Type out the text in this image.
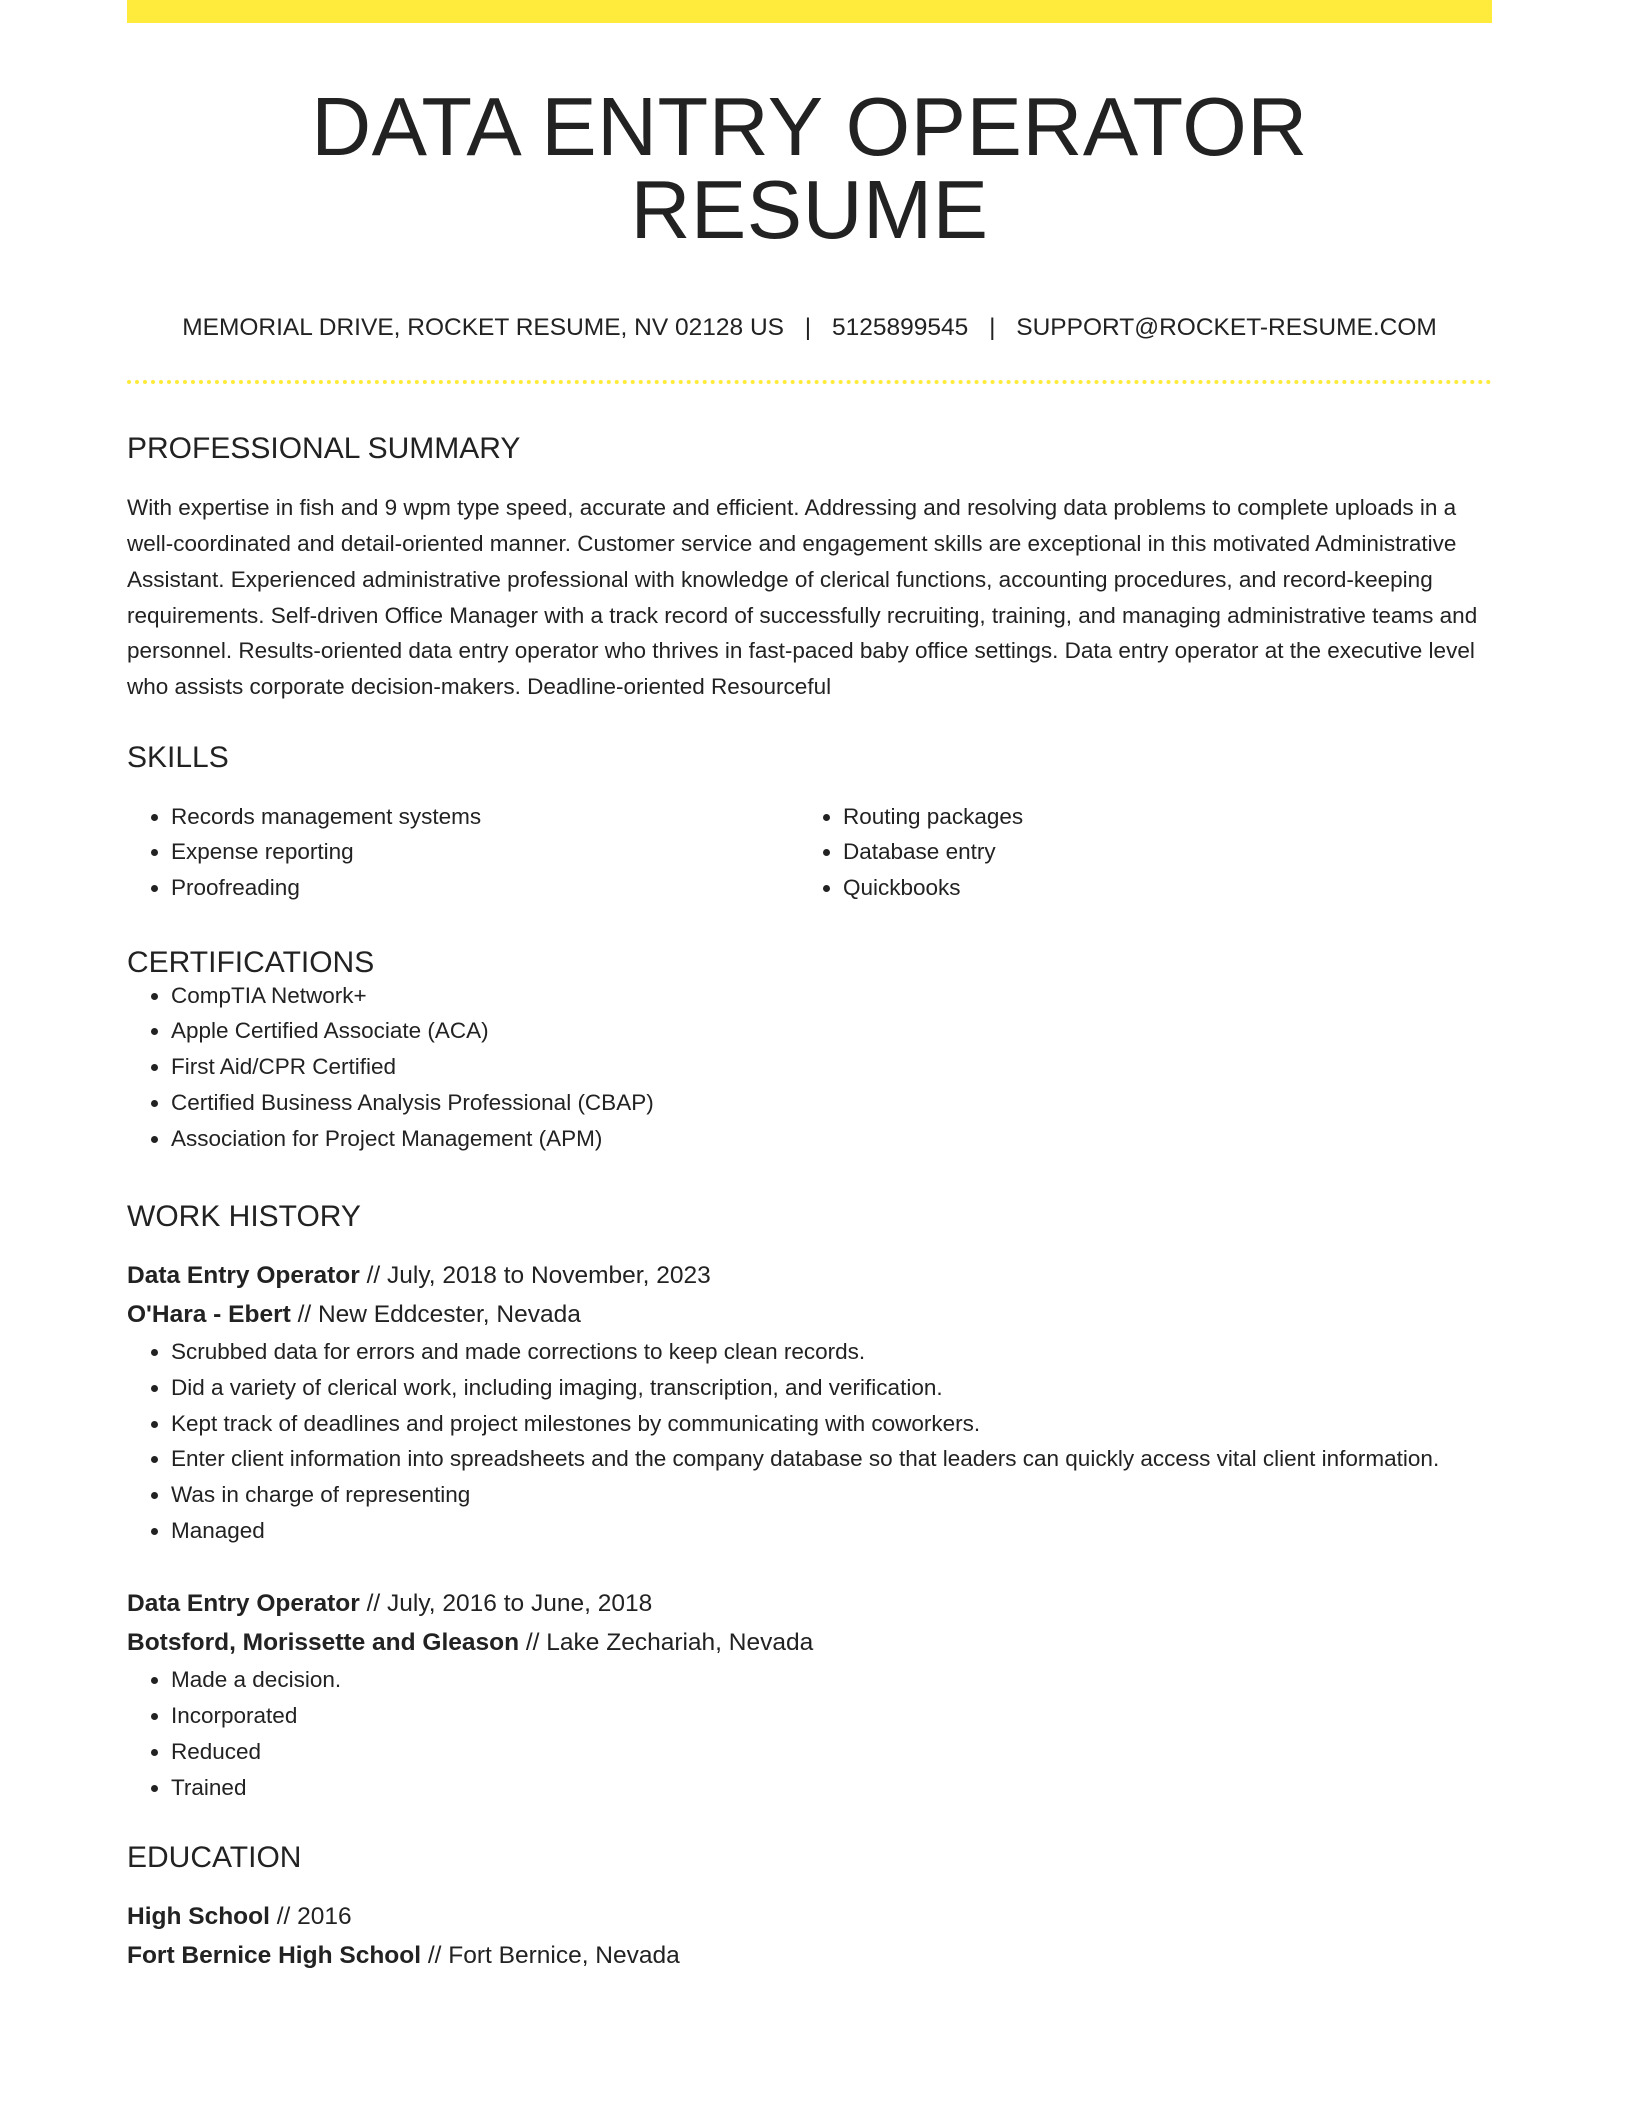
DATA ENTRY OPERATOR RESUME
MEMORIAL DRIVE, ROCKET RESUME, NV 02128 US | 5125899545 | SUPPORT@ROCKET-RESUME.COM
PROFESSIONAL SUMMARY

With expertise in fish and 9 wpm type speed, accurate and efficient. Addressing and resolving data problems to complete uploads in a well-coordinated and detail-oriented manner. Customer service and engagement skills are exceptional in this motivated Administrative Assistant. Experienced administrative professional with knowledge of clerical functions, accounting procedures, and record-keeping requirements. Self-driven Office Manager with a track record of successfully recruiting, training, and managing administrative teams and personnel. Results-oriented data entry operator who thrives in fast-paced baby office settings. Data entry operator at the executive level who assists corporate decision-makers. Deadline-oriented Resourceful

SKILLS
• Records management systems
• Expense reporting
• Proofreading
• Routing packages
• Database entry
• Quickbooks
CERTIFICATIONS
• CompTIA Network+
• Apple Certified Associate (ACA)
• First Aid/CPR Certified
• Certified Business Analysis Professional (CBAP)
• Association for Project Management (APM)
WORK HISTORY
Data Entry Operator // July, 2018 to November, 2023
O'Hara - Ebert // New Eddcester, Nevada
• Scrubbed data for errors and made corrections to keep clean records.
• Did a variety of clerical work, including imaging, transcription, and verification.
• Kept track of deadlines and project milestones by communicating with coworkers.
• Enter client information into spreadsheets and the company database so that leaders can quickly access vital client information.
• Was in charge of representing
• Managed
Data Entry Operator // July, 2016 to June, 2018
Botsford, Morissette and Gleason // Lake Zechariah, Nevada
• Made a decision.
• Incorporated
• Reduced
• Trained
EDUCATION
High School // 2016
Fort Bernice High School // Fort Bernice, Nevada
